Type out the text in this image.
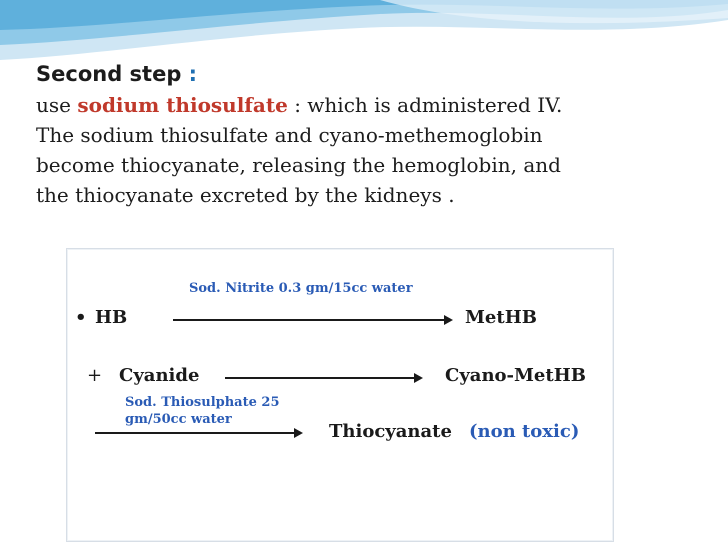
Second step :
use sodium thiosulfate : which is administered IV.
The sodium thiosulfate and cyano-methemoglobin
become thiocyanate, releasing the hemoglobin, and
the thiocyanate excreted by the kidneys .
Sod. Nitrite 0.3 gm/15cc water
• HB	MetHB
+ Cyanide	Cyano-MetHB
Sod. Thiosulphate 25
gm/50cc water
Thiocyanate (non toxic)
